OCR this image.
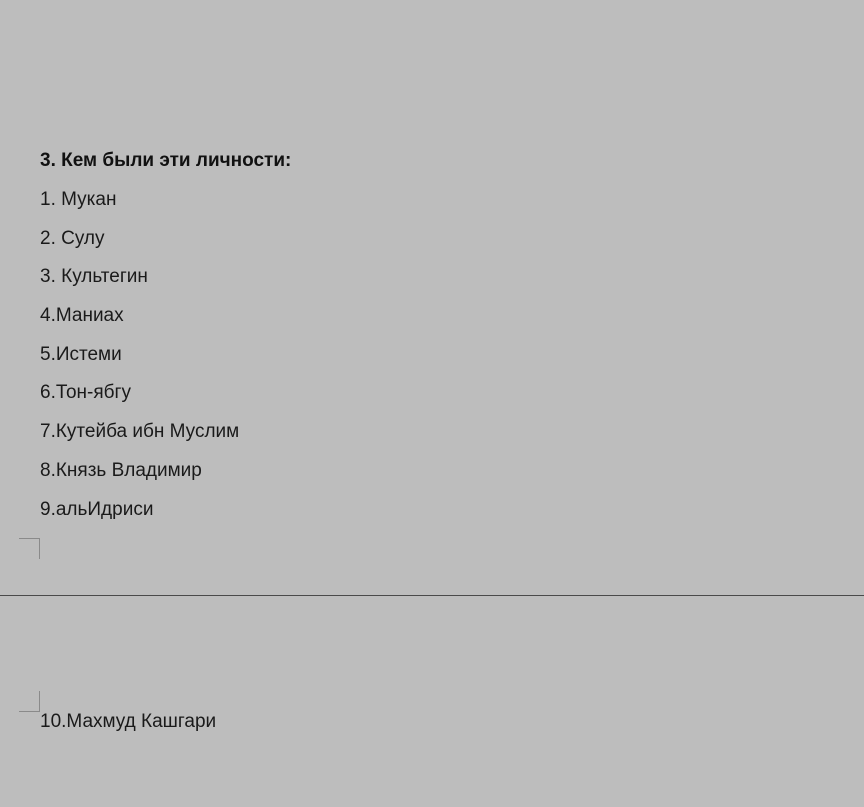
3. Кем были эти личности:
1. Мукан
2. Сулу
3. Культегин
4.Маниах
5.Истеми
6.Тон-ябгу
7.Кутейба ибн Муслим
8.Князь Владимир
9.альИдриси
10.Махмуд Кашгари
